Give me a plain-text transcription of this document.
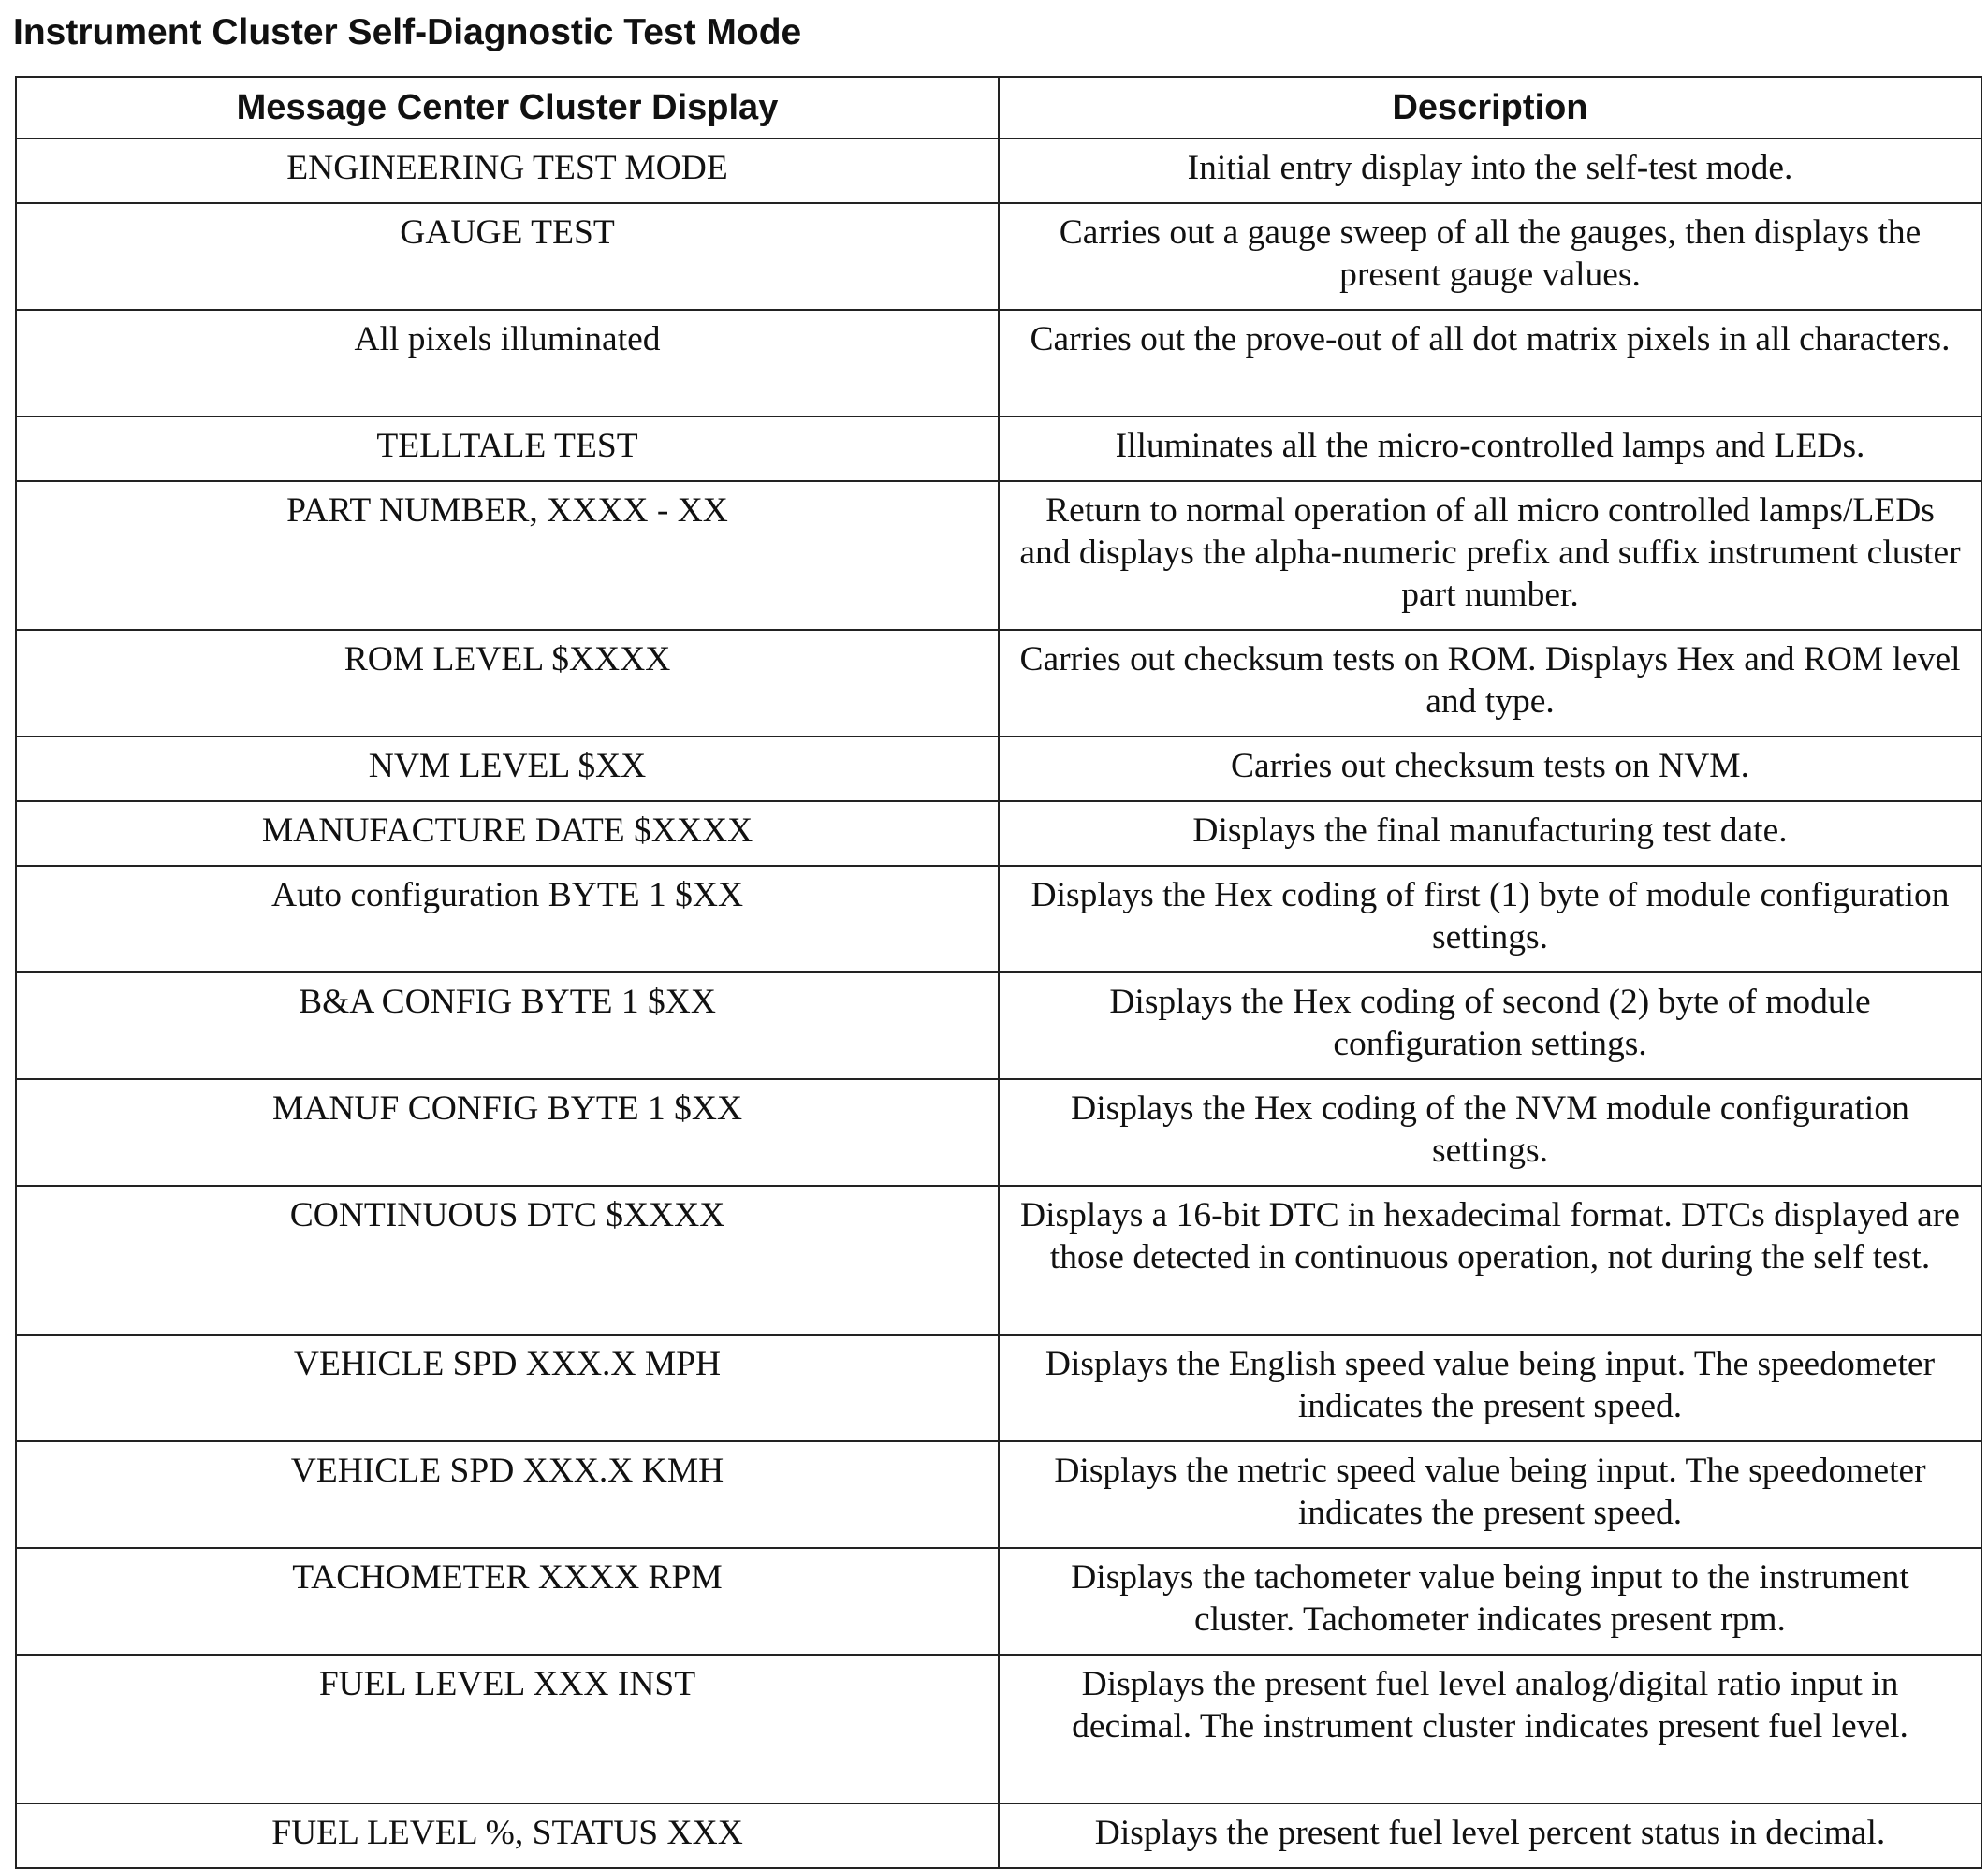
Instrument Cluster Self-Diagnostic Test Mode
Message Center Cluster Display	Description
ENGINEERING TEST MODE	Initial entry display into the self-test mode.
GAUGE TEST	Carries out a gauge sweep of all the gauges, then displays the present gauge values.
All pixels illuminated	Carries out the prove-out of all dot matrix pixels in all characters.
TELLTALE TEST	Illuminates all the micro-controlled lamps and LEDs.
PART NUMBER, XXXX - XX	Return to normal operation of all micro controlled lamps/LEDs and displays the alpha-numeric prefix and suffix instrument cluster part number.
ROM LEVEL $XXXX	Carries out checksum tests on ROM. Displays Hex and ROM level and type.
NVM LEVEL $XX	Carries out checksum tests on NVM.
MANUFACTURE DATE $XXXX	Displays the final manufacturing test date.
Auto configuration BYTE 1 $XX	Displays the Hex coding of first (1) byte of module configuration settings.
B&A CONFIG BYTE 1 $XX	Displays the Hex coding of second (2) byte of module configuration settings.
MANUF CONFIG BYTE 1 $XX	Displays the Hex coding of the NVM module configuration settings.
CONTINUOUS DTC $XXXX	Displays a 16-bit DTC in hexadecimal format. DTCs displayed are those detected in continuous operation, not during the self test.
VEHICLE SPD XXX.X MPH	Displays the English speed value being input. The speedometer indicates the present speed.
VEHICLE SPD XXX.X KMH	Displays the metric speed value being input. The speedometer indicates the present speed.
TACHOMETER XXXX RPM	Displays the tachometer value being input to the instrument cluster. Tachometer indicates present rpm.
FUEL LEVEL XXX INST	Displays the present fuel level analog/digital ratio input in decimal. The instrument cluster indicates present fuel level.
FUEL LEVEL %, STATUS XXX	Displays the present fuel level percent status in decimal.
